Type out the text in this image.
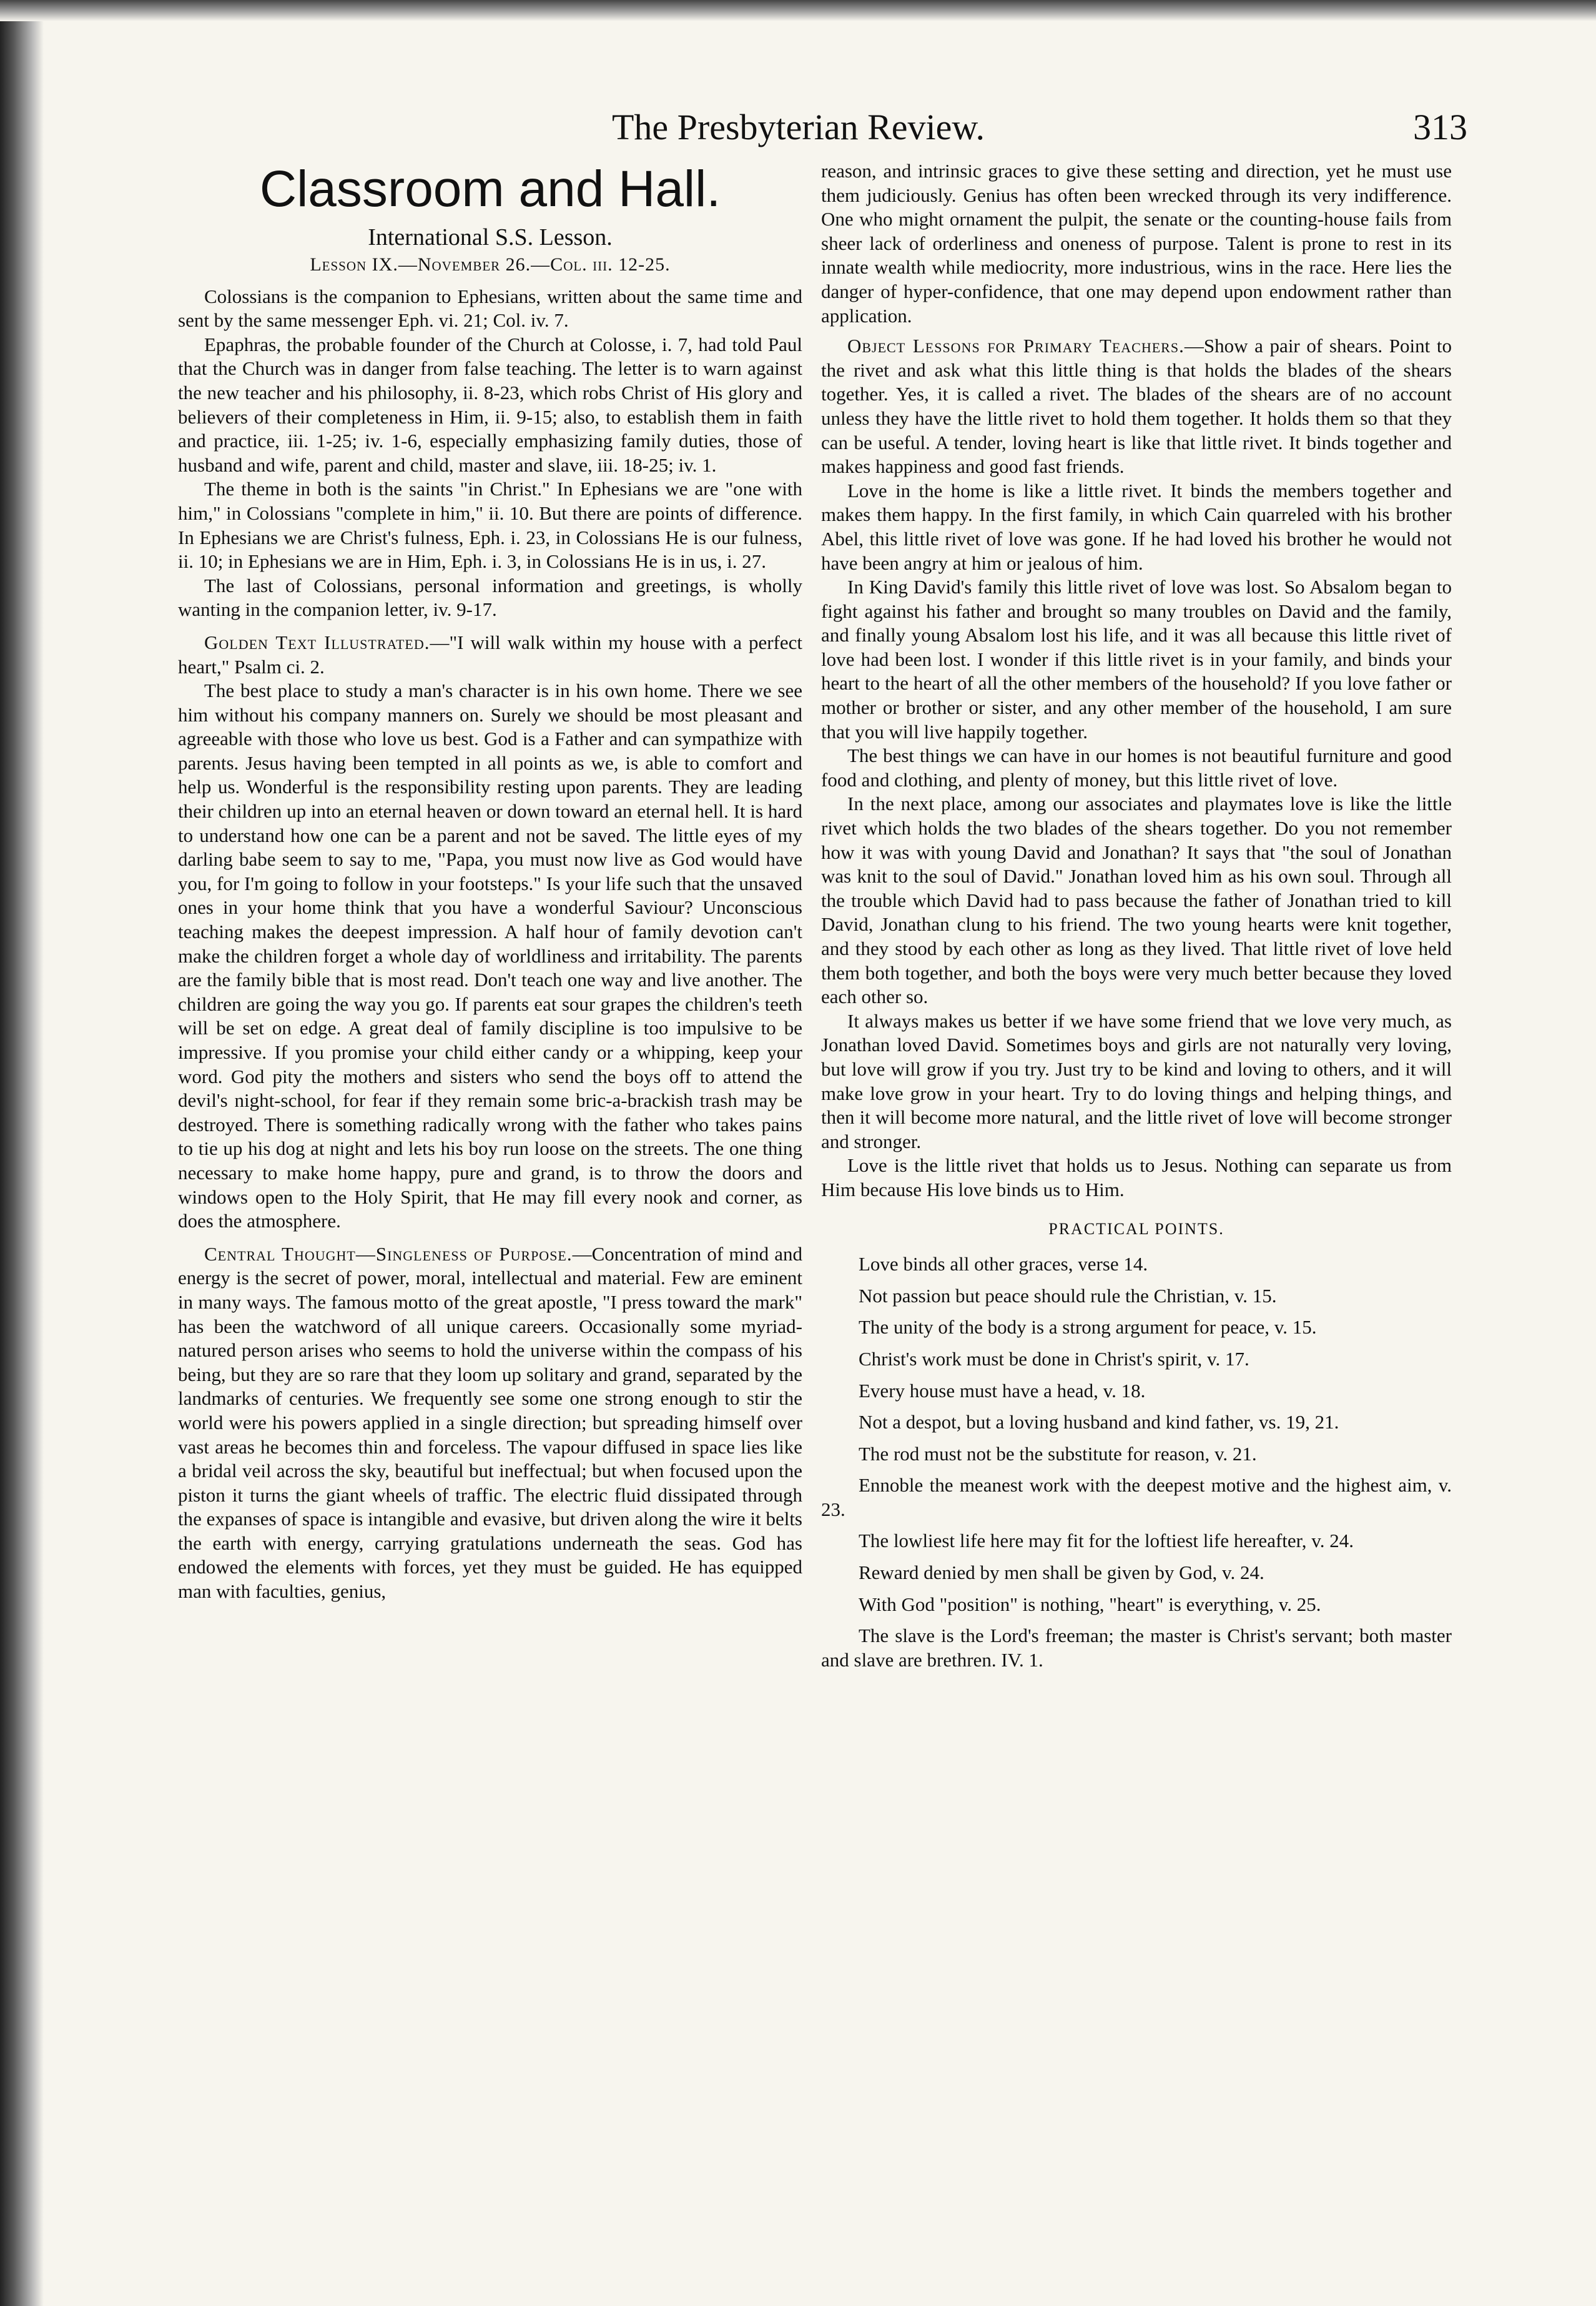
The Presbyterian Review.	313
Classroom and Hall.
International S.S. Lesson.
Lesson IX.—November 26.—Col. iii. 12-25.

Colossians is the companion to Ephesians, written about the same time and sent by the same messenger Eph. vi. 21; Col. iv. 7.

Epaphras, the probable founder of the Church at Colosse, i. 7, had told Paul that the Church was in danger from false teaching. The letter is to warn against the new teacher and his philosophy, ii. 8-23, which robs Christ of His glory and believers of their completeness in Him, ii. 9-15; also, to establish them in faith and practice, iii. 1-25; iv. 1-6, especially emphasizing family duties, those of husband and wife, parent and child, master and slave, iii. 18-25; iv. 1.

The theme in both is the saints "in Christ." In Ephesians we are "one with him," in Colossians "complete in him," ii. 10. But there are points of difference. In Ephesians we are Christ's fulness, Eph. i. 23, in Colossians He is our fulness, ii. 10; in Ephesians we are in Him, Eph. i. 3, in Colossians He is in us, i. 27.

The last of Colossians, personal information and greetings, is wholly wanting in the companion letter, iv. 9-17.

Golden Text Illustrated.—"I will walk within my house with a perfect heart," Psalm ci. 2.

The best place to study a man's character is in his own home. There we see him without his company manners on. Surely we should be most pleasant and agreeable with those who love us best. God is a Father and can sympathize with parents. Jesus having been tempted in all points as we, is able to comfort and help us. Wonderful is the responsibility resting upon parents. They are leading their children up into an eternal heaven or down toward an eternal hell. It is hard to understand how one can be a parent and not be saved. The little eyes of my darling babe seem to say to me, "Papa, you must now live as God would have you, for I'm going to follow in your footsteps." Is your life such that the unsaved ones in your home think that you have a wonderful Saviour? Unconscious teaching makes the deepest impression. A half hour of family devotion can't make the children forget a whole day of worldliness and irritability. The parents are the family bible that is most read. Don't teach one way and live another. The children are going the way you go. If parents eat sour grapes the children's teeth will be set on edge. A great deal of family discipline is too impulsive to be impressive. If you promise your child either candy or a whipping, keep your word. God pity the mothers and sisters who send the boys off to attend the devil's night-school, for fear if they remain some bric-a-brackish trash may be destroyed. There is something radically wrong with the father who takes pains to tie up his dog at night and lets his boy run loose on the streets. The one thing necessary to make home happy, pure and grand, is to throw the doors and windows open to the Holy Spirit, that He may fill every nook and corner, as does the atmosphere.

Central Thought—Singleness of Purpose.—Concentration of mind and energy is the secret of power, moral, intellectual and material. Few are eminent in many ways. The famous motto of the great apostle, "I press toward the mark" has been the watchword of all unique careers. Occasionally some myriad-natured person arises who seems to hold the universe within the compass of his being, but they are so rare that they loom up solitary and grand, separated by the landmarks of centuries. We frequently see some one strong enough to stir the world were his powers applied in a single direction; but spreading himself over vast areas he becomes thin and forceless. The vapour diffused in space lies like a bridal veil across the sky, beautiful but ineffectual; but when focused upon the piston it turns the giant wheels of traffic. The electric fluid dissipated through the expanses of space is intangible and evasive, but driven along the wire it belts the earth with energy, carrying gratulations underneath the seas. God has endowed the elements with forces, yet they must be guided. He has equipped man with faculties, genius,

reason, and intrinsic graces to give these setting and direction, yet he must use them judiciously. Genius has often been wrecked through its very indifference. One who might ornament the pulpit, the senate or the counting-house fails from sheer lack of orderliness and oneness of purpose. Talent is prone to rest in its innate wealth while mediocrity, more industrious, wins in the race. Here lies the danger of hyper-confidence, that one may depend upon endowment rather than application.

Object Lessons for Primary Teachers.—Show a pair of shears. Point to the rivet and ask what this little thing is that holds the blades of the shears together. Yes, it is called a rivet. The blades of the shears are of no account unless they have the little rivet to hold them together. It holds them so that they can be useful. A tender, loving heart is like that little rivet. It binds together and makes happiness and good fast friends.

Love in the home is like a little rivet. It binds the members together and makes them happy. In the first family, in which Cain quarreled with his brother Abel, this little rivet of love was gone. If he had loved his brother he would not have been angry at him or jealous of him.

In King David's family this little rivet of love was lost. So Absalom began to fight against his father and brought so many troubles on David and the family, and finally young Absalom lost his life, and it was all because this little rivet of love had been lost. I wonder if this little rivet is in your family, and binds your heart to the heart of all the other members of the household? If you love father or mother or brother or sister, and any other member of the household, I am sure that you will live happily together.

The best things we can have in our homes is not beautiful furniture and good food and clothing, and plenty of money, but this little rivet of love.

In the next place, among our associates and playmates love is like the little rivet which holds the two blades of the shears together. Do you not remember how it was with young David and Jonathan? It says that "the soul of Jonathan was knit to the soul of David." Jonathan loved him as his own soul. Through all the trouble which David had to pass because the father of Jonathan tried to kill David, Jonathan clung to his friend. The two young hearts were knit together, and they stood by each other as long as they lived. That little rivet of love held them both together, and both the boys were very much better because they loved each other so.

It always makes us better if we have some friend that we love very much, as Jonathan loved David. Sometimes boys and girls are not naturally very loving, but love will grow if you try. Just try to be kind and loving to others, and it will make love grow in your heart. Try to do loving things and helping things, and then it will become more natural, and the little rivet of love will become stronger and stronger.

Love is the little rivet that holds us to Jesus. Nothing can separate us from Him because His love binds us to Him.

PRACTICAL POINTS.
Love binds all other graces, verse 14.
Not passion but peace should rule the Christian, v. 15.
The unity of the body is a strong argument for peace, v. 15.
Christ's work must be done in Christ's spirit, v. 17.
Every house must have a head, v. 18.
Not a despot, but a loving husband and kind father, vs. 19, 21.
The rod must not be the substitute for reason, v. 21.
Ennoble the meanest work with the deepest motive and the highest aim, v. 23.
The lowliest life here may fit for the loftiest life hereafter, v. 24.
Reward denied by men shall be given by God, v. 24.
With God "position" is nothing, "heart" is everything, v. 25.
The slave is the Lord's freeman; the master is Christ's servant; both master and slave are brethren. IV. 1.
